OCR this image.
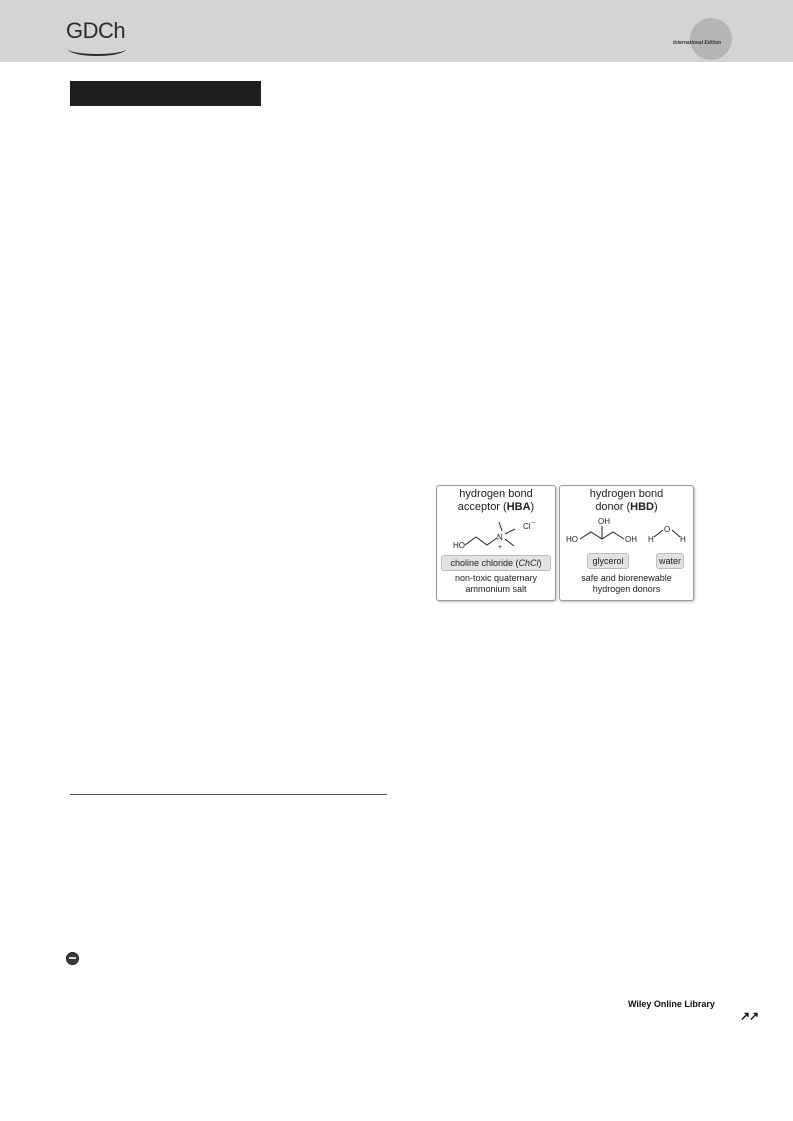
GDCh	International Edition
hydrogen bond
acceptor (HBA)
HO
N
+
Cl −
choline chloride (ChCl)
non-toxic quaternary
ammonium salt
hydrogen bond
donor (HBD)
OH
HO	OH H
O
H
glycerol	water
safe and biorenewable
hydrogen donors
Wiley Online Library
↗↗
